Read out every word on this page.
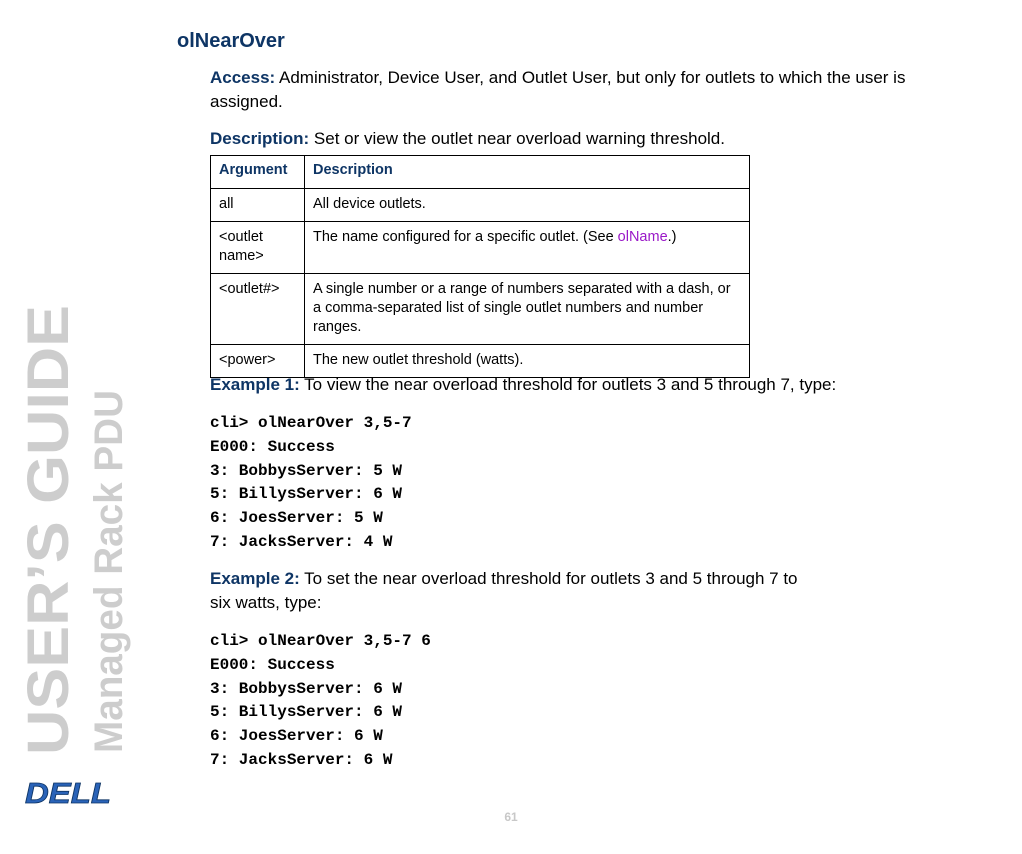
USER’S GUIDE Managed Rack PDU
DELL
olNearOver

Access: Administrator, Device User, and Outlet User, but only for outlets to which the user is assigned.

Description: Set or view the outlet near overload warning threshold.

Argument	Description
all	All device outlets.
<outlet name>	The name configured for a specific outlet. (See olName.)
<outlet#>	A single number or a range of numbers separated with a dash, or a comma-separated list of single outlet numbers and number ranges.
<power>	The new outlet threshold (watts).

Example 1: To view the near overload threshold for outlets 3 and 5 through 7, type:

cli> olNearOver 3,5-7
E000: Success
3: BobbysServer: 5 W
5: BillysServer: 6 W
6: JoesServer: 5 W
7: JacksServer: 4 W

Example 2: To set the near overload threshold for outlets 3 and 5 through 7 to
six watts, type:

cli> olNearOver 3,5-7 6
E000: Success
3: BobbysServer: 6 W
5: BillysServer: 6 W
6: JoesServer: 6 W
7: JacksServer: 6 W
61
